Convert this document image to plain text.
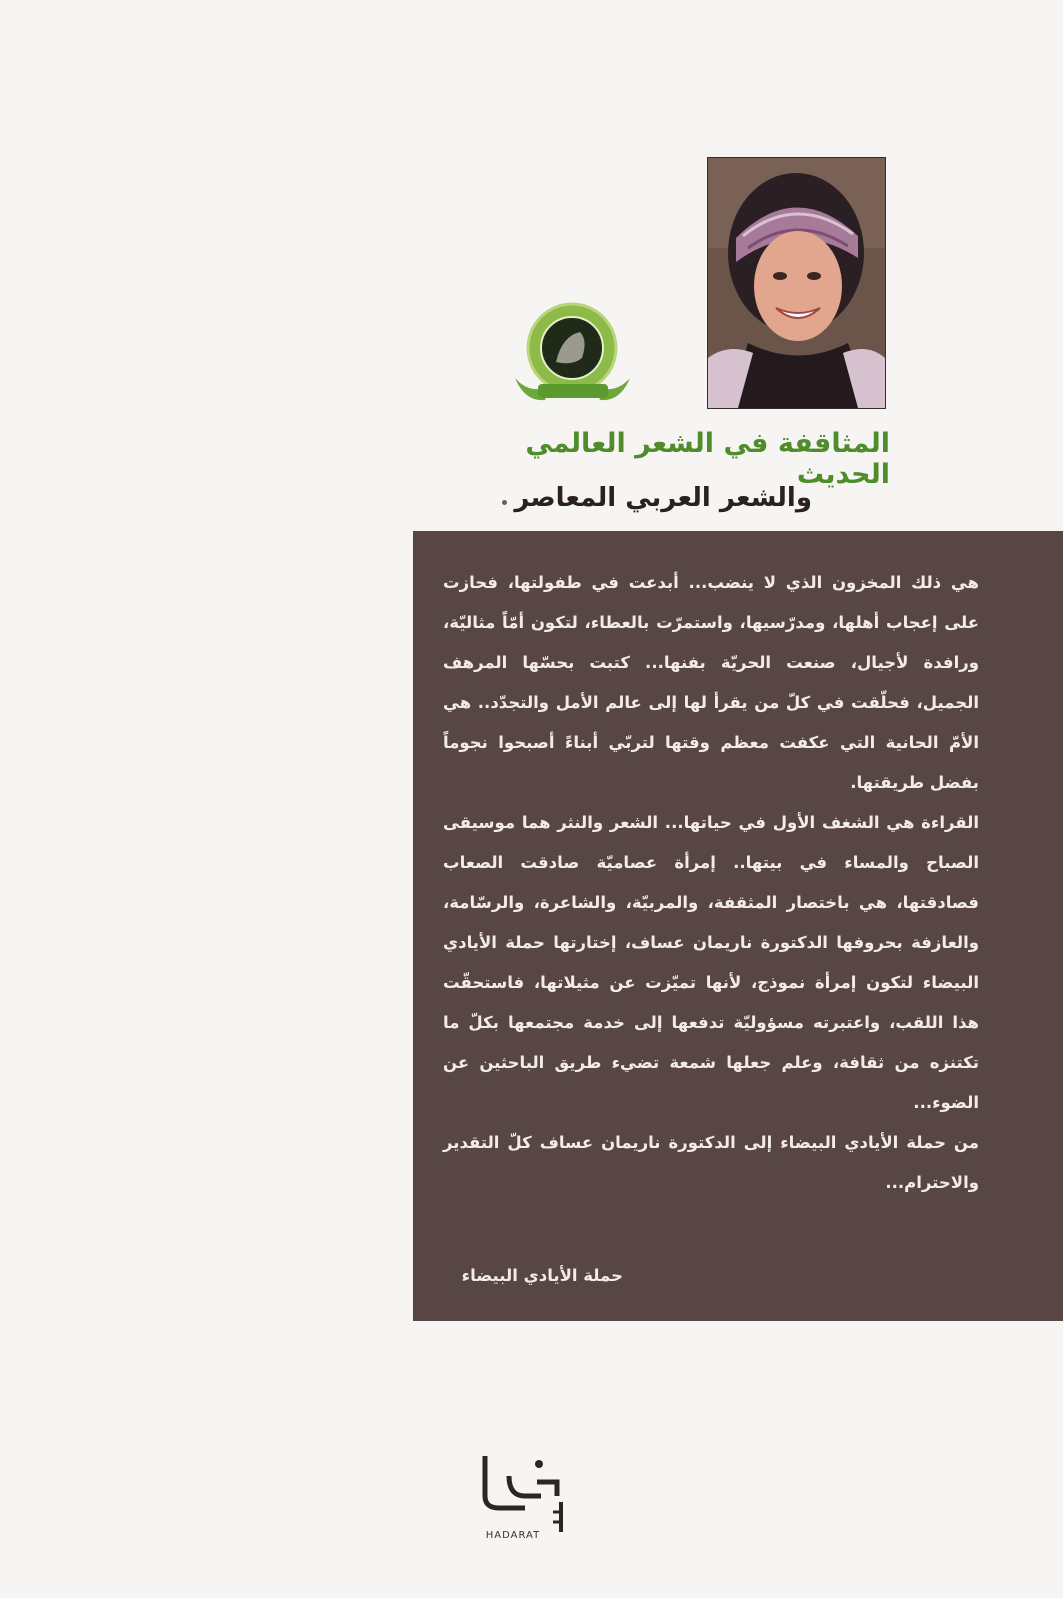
المثاقفة في الشعر العالمي الحديث
والشعر العربي المعاصر

هي ذلك المخزون الذي لا ينضب... أبدعت في طفولتها، فحازت على إعجاب أهلها، ومدرّسيها، واستمرّت بالعطاء، لتكون أمّاً مثاليّة، ورافدة لأجيال، صنعت الحريّة بفنها... كتبت بحسّها المرهف الجميل، فحلّقت في كلّ من يقرأ لها إلى عالم الأمل والتجدّد.. هي الأمّ الحانية التي عكفت معظم وقتها لتربّي أبناءً أصبحوا نجوماً بفضل طريقتها.

القراءة هي الشغف الأول في حياتها... الشعر والنثر هما موسيقى الصباح والمساء في بيتها.. إمرأة عصاميّة صادقت الصعاب فصادقتها، هي باختصار المثقفة، والمربيّة، والشاعرة، والرسّامة، والعازفة بحروفها الدكتورة ناريمان عساف، إختارتها حملة الأيادي البيضاء لتكون إمرأة نموذج، لأنها تميّزت عن مثيلاتها، فاستحقّت هذا اللقب، واعتبرته مسؤوليّة تدفعها إلى خدمة مجتمعها بكلّ ما تكتنزه من ثقافة، وعلم جعلها شمعة تضيء طريق الباحثين عن الضوء...

من حملة الأيادي البيضاء إلى الدكتورة ناريمان عساف كلّ التقدير والاحترام...

حملة الأيادي البيضاء
HADARAT
